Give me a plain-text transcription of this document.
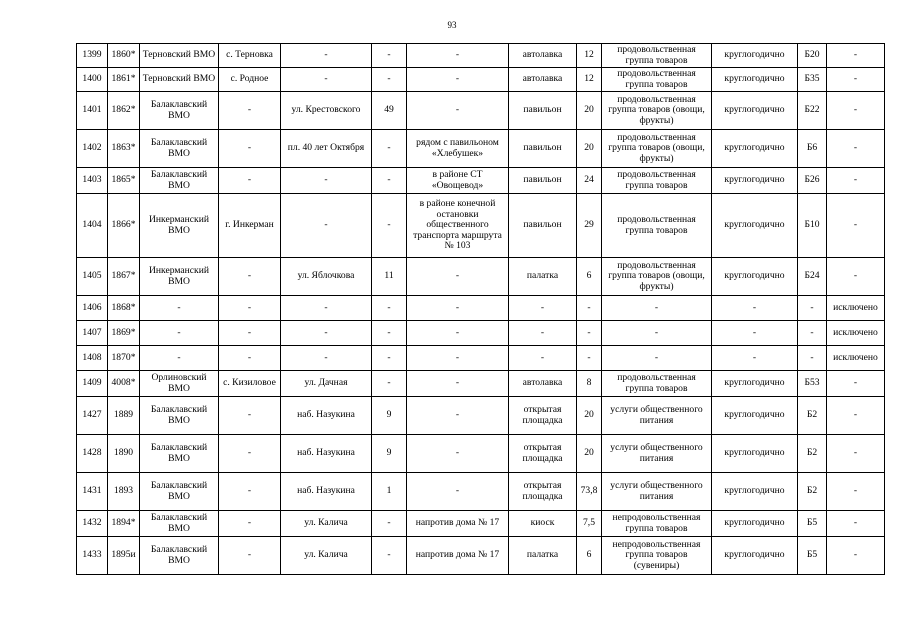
93
1399	1860*	Терновский ВМО	с. Терновка	-	-	-	автолавка	12	продовольственная группа товаров	круглогодично	Б20	-
1400	1861*	Терновский ВМО	с. Родное	-	-	-	автолавка	12	продовольственная группа товаров	круглогодично	Б35	-
1401	1862*	Балаклавский ВМО	-	ул. Крестовского	49	-	павильон	20	продовольственная группа товаров (овощи, фрукты)	круглогодично	Б22	-
1402	1863*	Балаклавский ВМО	-	пл. 40 лет Октября	-	рядом с павильоном «Хлебушек»	павильон	20	продовольственная группа товаров (овощи, фрукты)	круглогодично	Б6	-
1403	1865*	Балаклавский ВМО	-	-	-	в районе СТ «Овощевод»	павильон	24	продовольственная группа товаров	круглогодично	Б26	-
1404	1866*	Инкерманский ВМО	г. Инкерман	-	-	в районе конечной остановки общественного транспорта маршрута № 103	павильон	29	продовольственная группа товаров	круглогодично	Б10	-
1405	1867*	Инкерманский ВМО	-	ул. Яблочкова	11	-	палатка	6	продовольственная группа товаров (овощи, фрукты)	круглогодично	Б24	-
1406	1868*	-	-	-	-	-	-	-	-	-	-	исключено
1407	1869*	-	-	-	-	-	-	-	-	-	-	исключено
1408	1870*	-	-	-	-	-	-	-	-	-	-	исключено
1409	4008*	Орлиновский ВМО	с. Кизиловое	ул. Дачная	-	-	автолавка	8	продовольственная группа товаров	круглогодично	Б53	-
1427	1889	Балаклавский ВМО	-	наб. Назукина	9	-	открытая площадка	20	услуги общественного питания	круглогодично	Б2	-
1428	1890	Балаклавский ВМО	-	наб. Назукина	9	-	открытая площадка	20	услуги общественного питания	круглогодично	Б2	-
1431	1893	Балаклавский ВМО	-	наб. Назукина	1	-	открытая площадка	73,8	услуги общественного питания	круглогодично	Б2	-
1432	1894*	Балаклавский ВМО	-	ул. Калича	-	напротив дома № 17	киоск	7,5	непродовольственная группа товаров	круглогодично	Б5	-
1433	1895и	Балаклавский ВМО	-	ул. Калича	-	напротив дома № 17	палатка	6	непродовольственная группа товаров (сувениры)	круглогодично	Б5	-
